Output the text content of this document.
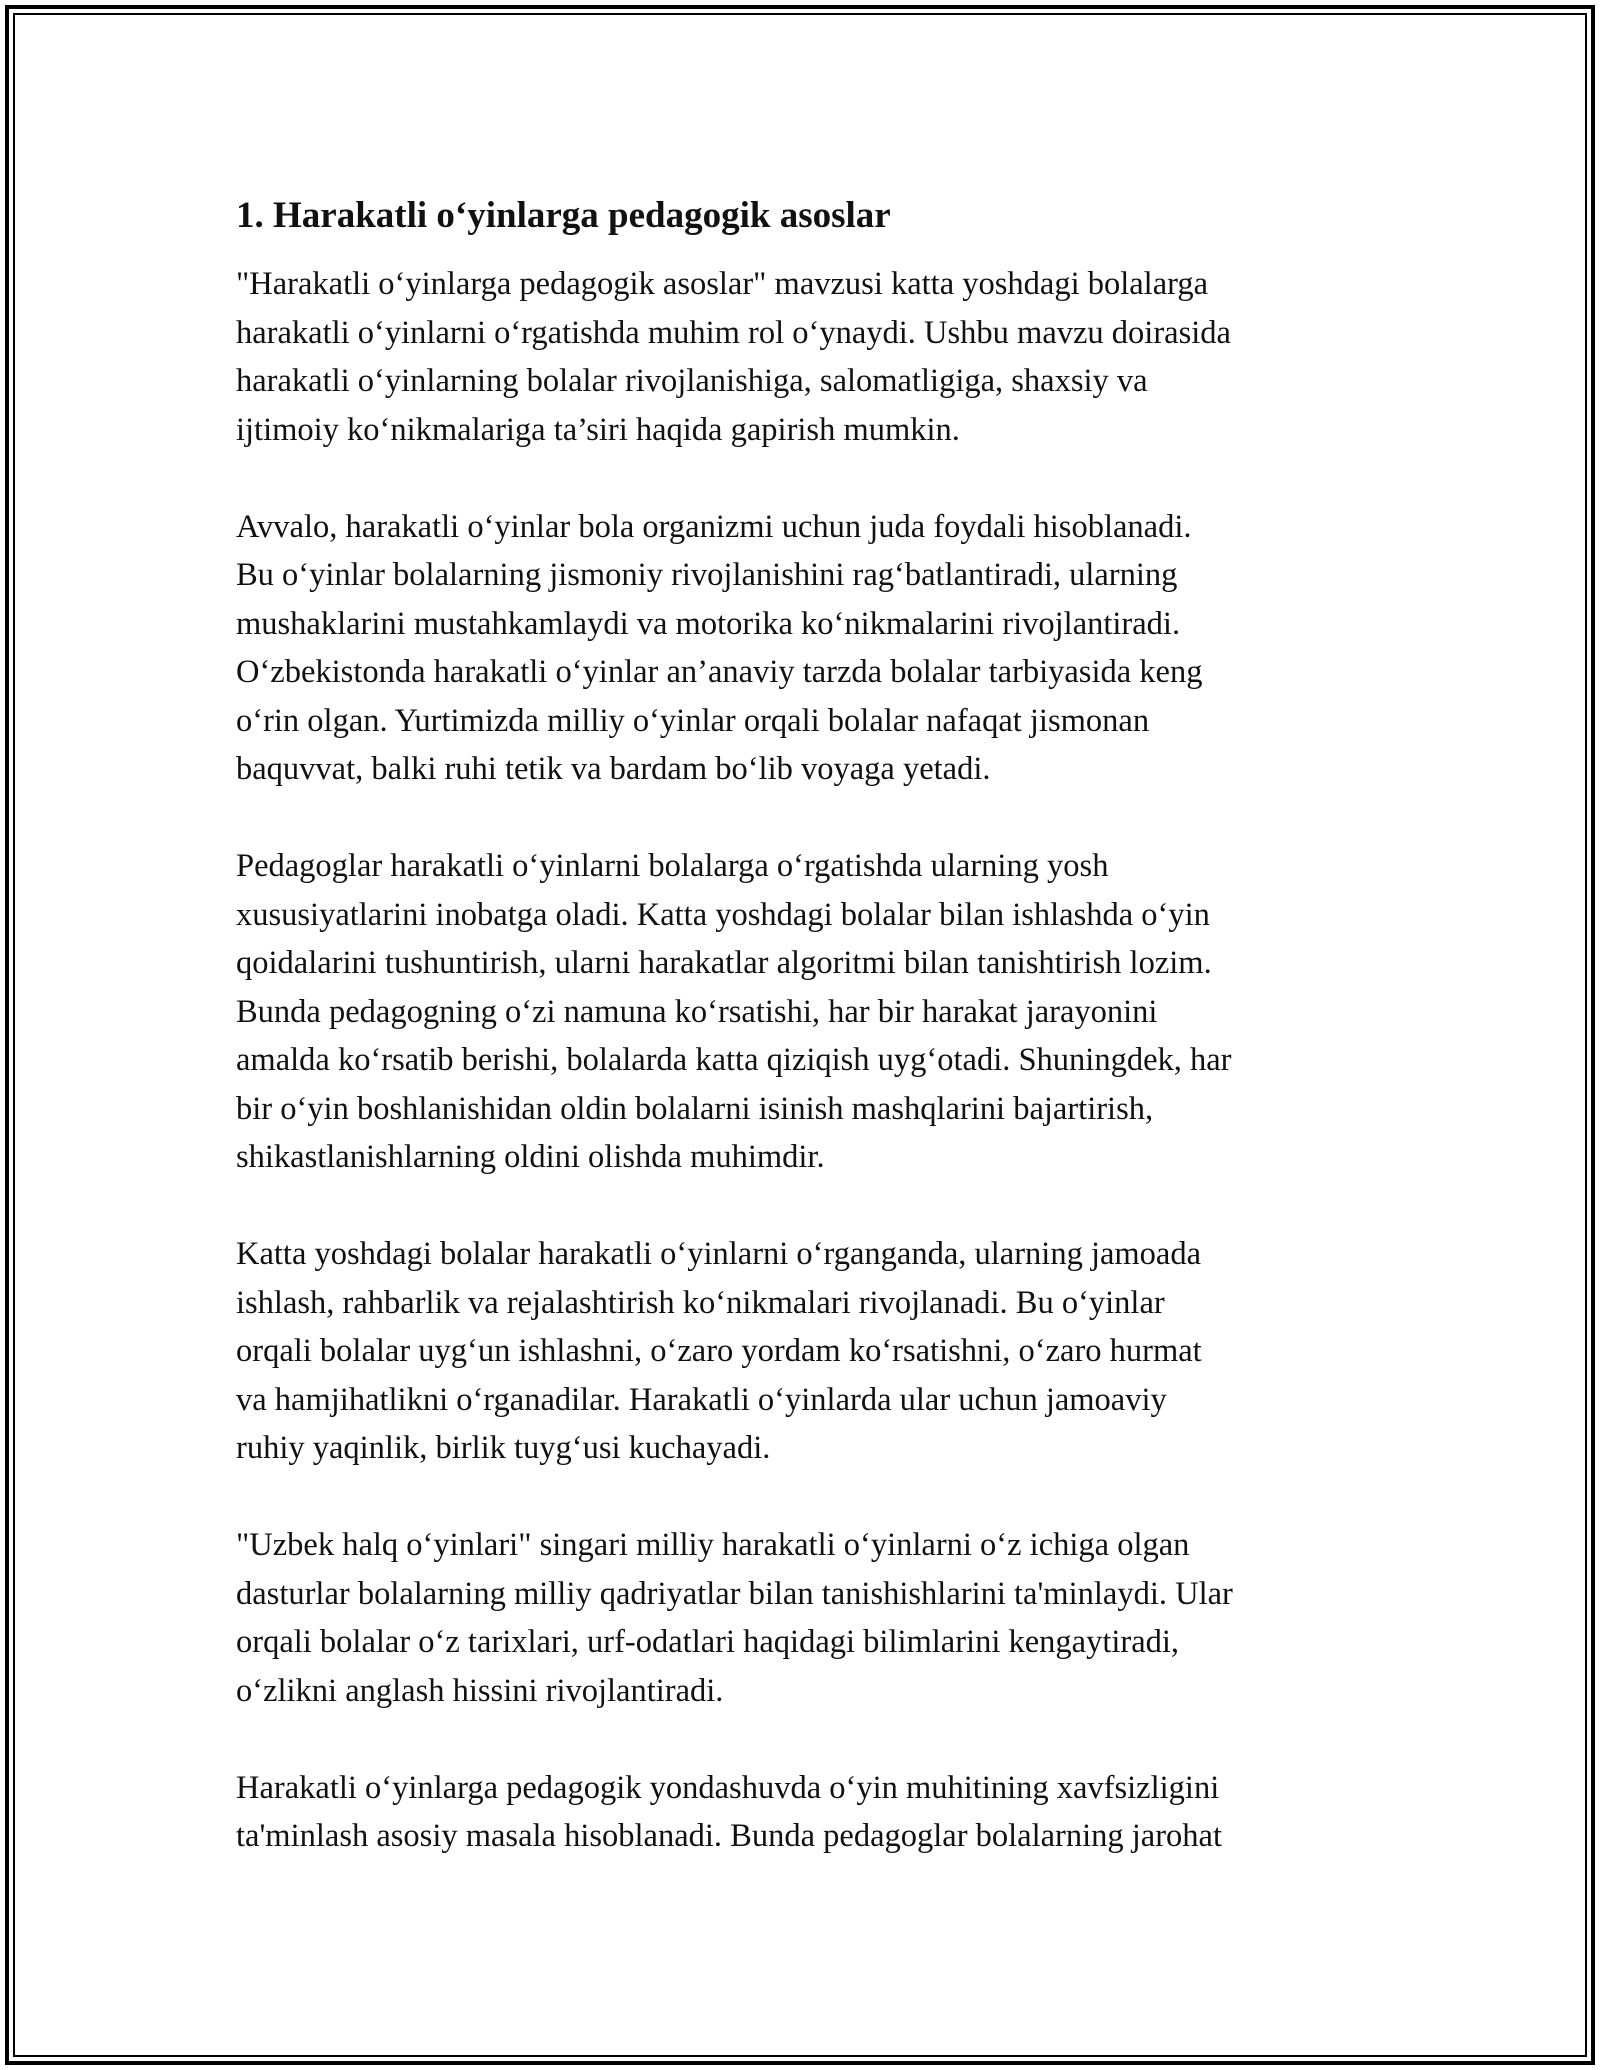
1. Harakatli o‘yinlarga pedagogik asoslar

"Harakatli o‘yinlarga pedagogik asoslar" mavzusi katta yoshdagi bolalarga
harakatli o‘yinlarni o‘rgatishda muhim rol o‘ynaydi. Ushbu mavzu doirasida
harakatli o‘yinlarning bolalar rivojlanishiga, salomatligiga, shaxsiy va
ijtimoiy ko‘nikmalariga ta’siri haqida gapirish mumkin.

Avvalo, harakatli o‘yinlar bola organizmi uchun juda foydali hisoblanadi.
Bu o‘yinlar bolalarning jismoniy rivojlanishini rag‘batlantiradi, ularning
mushaklarini mustahkamlaydi va motorika ko‘nikmalarini rivojlantiradi.
O‘zbekistonda harakatli o‘yinlar an’anaviy tarzda bolalar tarbiyasida keng
o‘rin olgan. Yurtimizda milliy o‘yinlar orqali bolalar nafaqat jismonan
baquvvat, balki ruhi tetik va bardam bo‘lib voyaga yetadi.

Pedagoglar harakatli o‘yinlarni bolalarga o‘rgatishda ularning yosh
xususiyatlarini inobatga oladi. Katta yoshdagi bolalar bilan ishlashda o‘yin
qoidalarini tushuntirish, ularni harakatlar algoritmi bilan tanishtirish lozim.
Bunda pedagogning o‘zi namuna ko‘rsatishi, har bir harakat jarayonini
amalda ko‘rsatib berishi, bolalarda katta qiziqish uyg‘otadi. Shuningdek, har
bir o‘yin boshlanishidan oldin bolalarni isinish mashqlarini bajartirish,
shikastlanishlarning oldini olishda muhimdir.

Katta yoshdagi bolalar harakatli o‘yinlarni o‘rganganda, ularning jamoada
ishlash, rahbarlik va rejalashtirish ko‘nikmalari rivojlanadi. Bu o‘yinlar
orqali bolalar uyg‘un ishlashni, o‘zaro yordam ko‘rsatishni, o‘zaro hurmat
va hamjihatlikni o‘rganadilar. Harakatli o‘yinlarda ular uchun jamoaviy
ruhiy yaqinlik, birlik tuyg‘usi kuchayadi.

"Uzbek halq o‘yinlari" singari milliy harakatli o‘yinlarni o‘z ichiga olgan
dasturlar bolalarning milliy qadriyatlar bilan tanishishlarini ta'minlaydi. Ular
orqali bolalar o‘z tarixlari, urf-odatlari haqidagi bilimlarini kengaytiradi,
o‘zlikni anglash hissini rivojlantiradi.

Harakatli o‘yinlarga pedagogik yondashuvda o‘yin muhitining xavfsizligini
ta'minlash asosiy masala hisoblanadi. Bunda pedagoglar bolalarning jarohat
